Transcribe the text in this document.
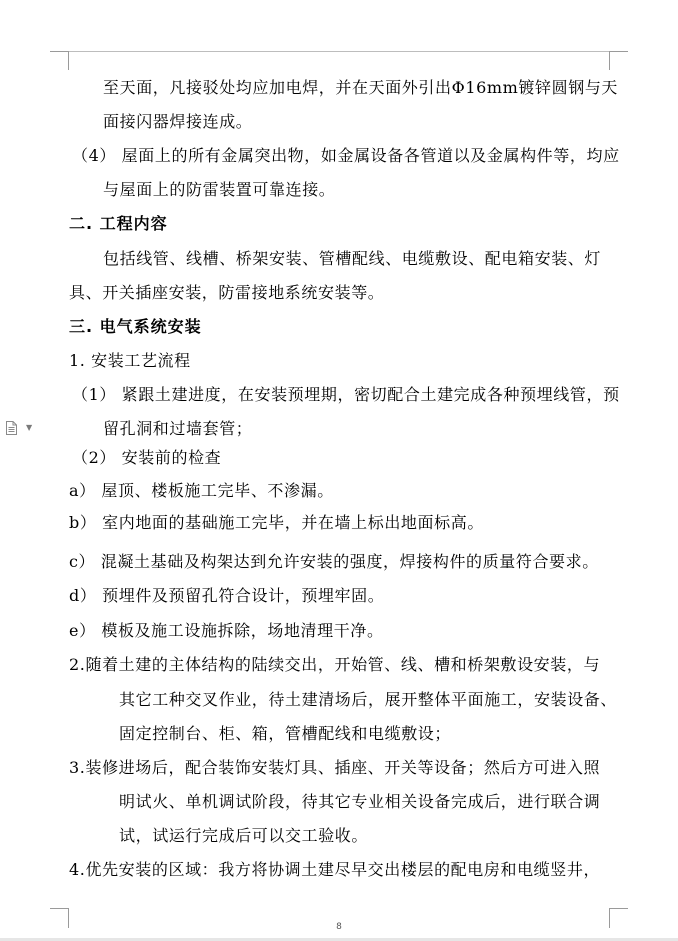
▼
至天面，凡接驳处均应加电焊，并在天面外引出Φ16mm镀锌圆钢与天
面接闪器焊接连成。
（4） 屋面上的所有金属突出物，如金属设备各管道以及金属构件等，均应
与屋面上的防雷装置可靠连接。
二. 工程内容
包括线管、线槽、桥架安装、管槽配线、电缆敷设、配电箱安装、灯
具、开关插座安装，防雷接地系统安装等。
三. 电气系统安装
1. 安装工艺流程
（1） 紧跟土建进度，在安装预埋期，密切配合土建完成各种预埋线管，预
留孔洞和过墙套管；
（2） 安装前的检查
a） 屋顶、楼板施工完毕、不渗漏。
b） 室内地面的基础施工完毕，并在墙上标出地面标高。
c） 混凝土基础及构架达到允许安装的强度，焊接构件的质量符合要求。
d） 预埋件及预留孔符合设计，预埋牢固。
e） 模板及施工设施拆除，场地清理干净。
2.随着土建的主体结构的陆续交出，开始管、线、槽和桥架敷设安装，与
其它工种交叉作业，待土建清场后，展开整体平面施工，安装设备、
固定控制台、柜、箱，管槽配线和电缆敷设；
3.装修进场后，配合装饰安装灯具、插座、开关等设备；然后方可进入照
明试火、单机调试阶段，待其它专业相关设备完成后，进行联合调
试，试运行完成后可以交工验收。
4.优先安装的区域：我方将协调土建尽早交出楼层的配电房和电缆竖井，
8
